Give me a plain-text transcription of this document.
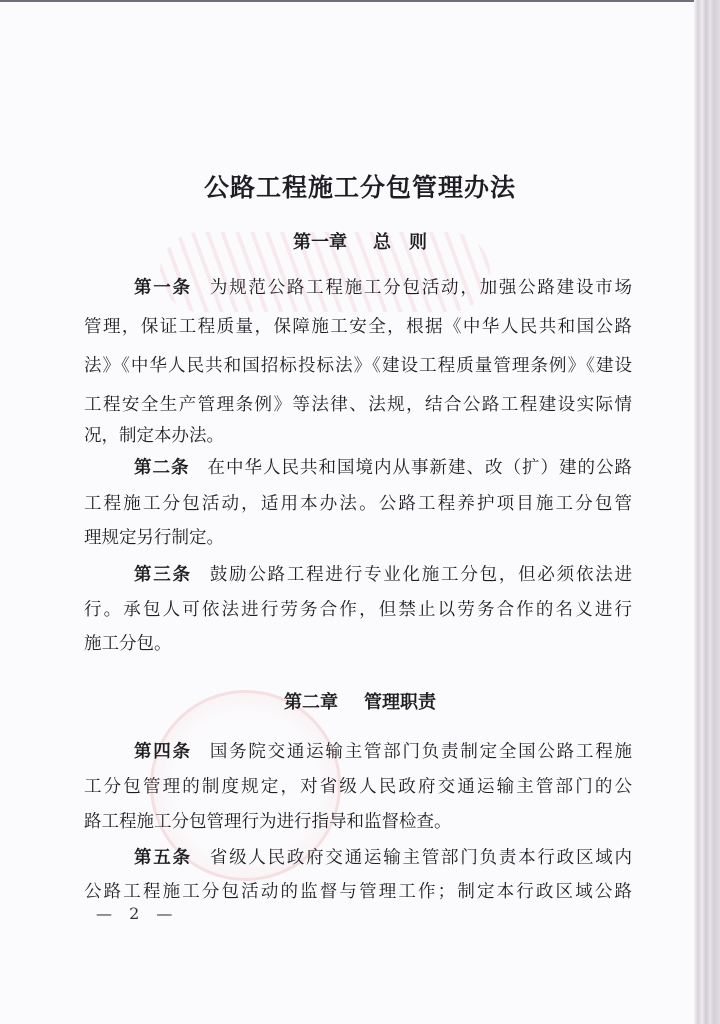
公路工程施工分包管理办法
第一章 总　则
第一条 为规范公路工程施工分包活动，加强公路建设市场
管理，保证工程质量，保障施工安全，根据《中华人民共和国公路
法》《中华人民共和国招标投标法》《建设工程质量管理条例》《建设
工程安全生产管理条例》等法律、法规，结合公路工程建设实际情
况，制定本办法。
第二条 在中华人民共和国境内从事新建、改（扩）建的公路
工程施工分包活动，适用本办法。公路工程养护项目施工分包管
理规定另行制定。
第三条 鼓励公路工程进行专业化施工分包，但必须依法进
行。承包人可依法进行劳务合作，但禁止以劳务合作的名义进行
施工分包。
第二章 管理职责
第四条 国务院交通运输主管部门负责制定全国公路工程施
工分包管理的制度规定，对省级人民政府交通运输主管部门的公
路工程施工分包管理行为进行指导和监督检查。
第五条 省级人民政府交通运输主管部门负责本行政区域内
公路工程施工分包活动的监督与管理工作；制定本行政区域公路
— 2 —
